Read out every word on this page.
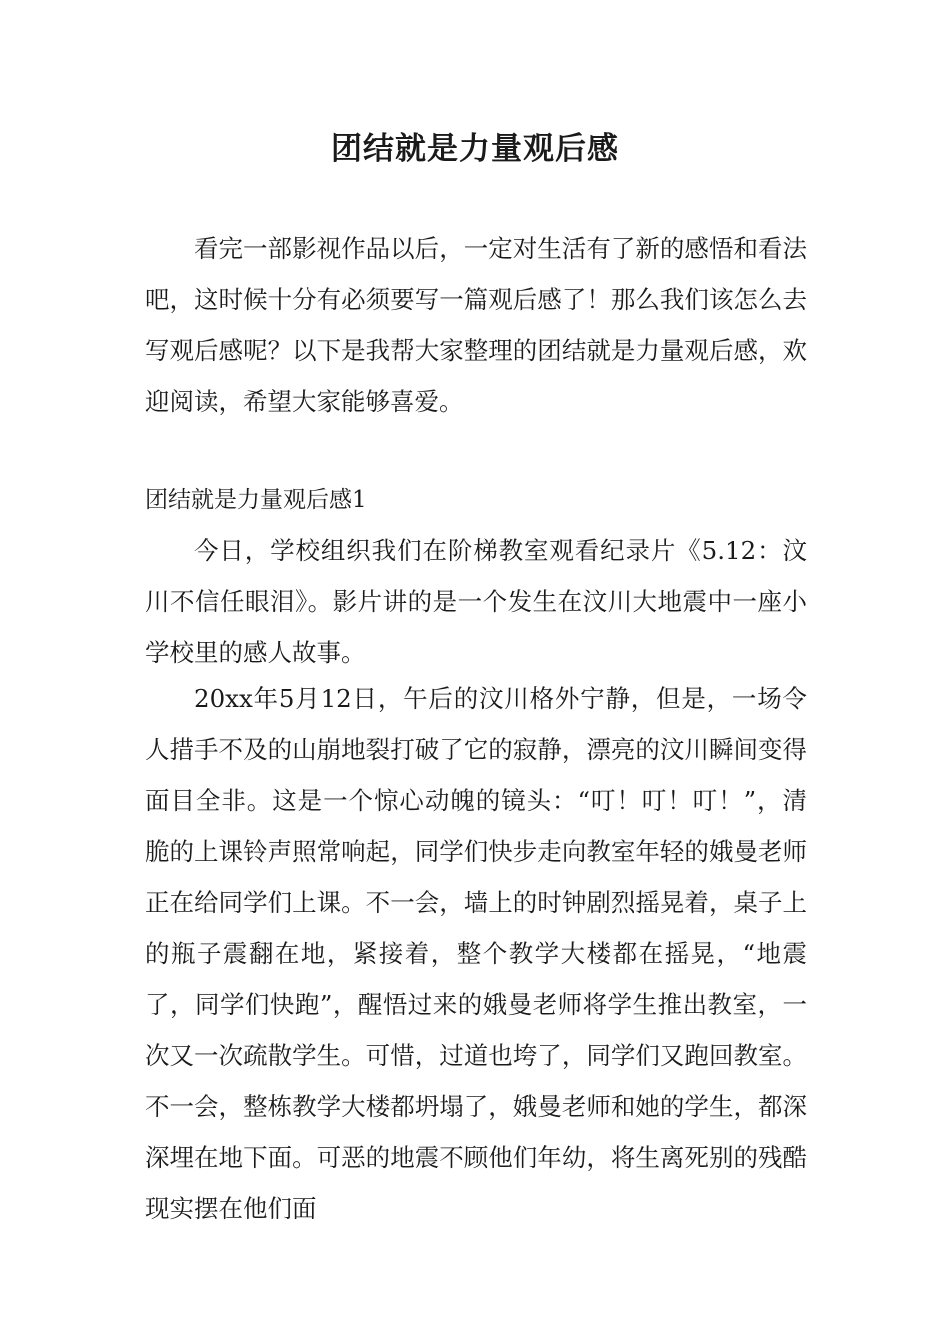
团结就是力量观后感

看完一部影视作品以后，一定对生活有了新的感悟和看法吧，这时候十分有必须要写一篇观后感了！那么我们该怎么去写观后感呢？以下是我帮大家整理的团结就是力量观后感，欢迎阅读，希望大家能够喜爱。

团结就是力量观后感1

今日，学校组织我们在阶梯教室观看纪录片《5.12：汶川不信任眼泪》。影片讲的是一个发生在汶川大地震中一座小学校里的感人故事。

20xx年5月12日，午后的汶川格外宁静，但是，一场令人措手不及的山崩地裂打破了它的寂静，漂亮的汶川瞬间变得面目全非。这是一个惊心动魄的镜头：“叮！叮！叮！”，清脆的上课铃声照常响起，同学们快步走向教室年轻的娥曼老师正在给同学们上课。不一会，墙上的时钟剧烈摇晃着，桌子上的瓶子震翻在地，紧接着，整个教学大楼都在摇晃，“地震了，同学们快跑”，醒悟过来的娥曼老师将学生推出教室，一次又一次疏散学生。可惜，过道也垮了，同学们又跑回教室。不一会，整栋教学大楼都坍塌了，娥曼老师和她的学生，都深深埋在地下面。可恶的地震不顾他们年幼，将生离死别的残酷现实摆在他们面
